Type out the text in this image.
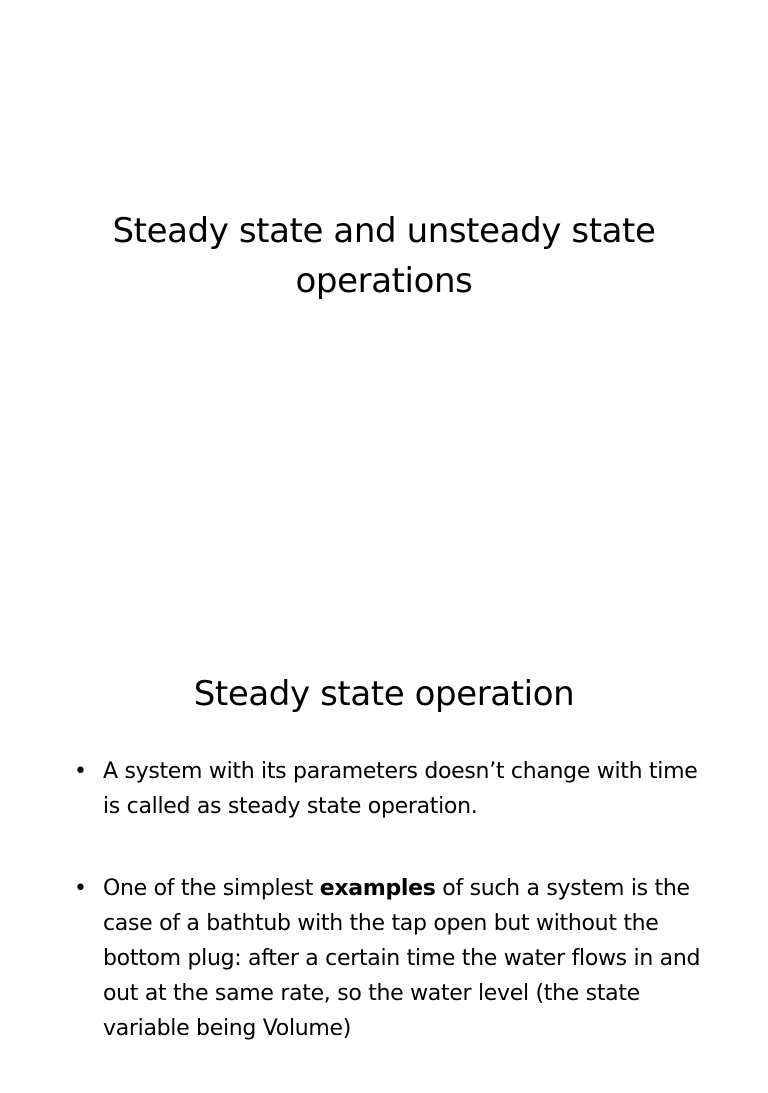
Steady state and unsteady state operations
Steady state operation
• A system with its parameters doesn’t change with time is called as steady state operation.
• One of the simplest examples of such a system is the case of a bathtub with the tap open but without the bottom plug: after a certain time the water flows in and out at the same rate, so the water level (the state variable being Volume)
